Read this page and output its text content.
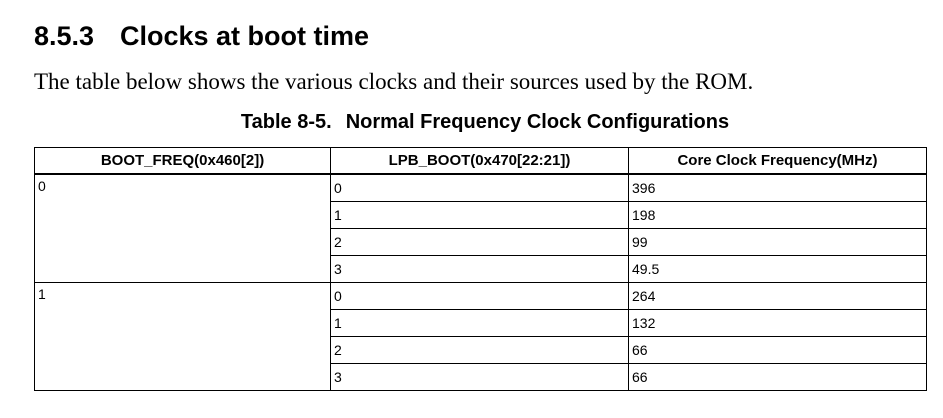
8.5.3 Clocks at boot time
The table below shows the various clocks and their sources used by the ROM.
Table 8-5. Normal Frequency Clock Configurations
BOOT_FREQ(0x460[2])	LPB_BOOT(0x470[22:21])	Core Clock Frequency(MHz)
0	0	396
	1	198
	2	99
	3	49.5
1	0	264
	1	132
	2	66
	3	66
